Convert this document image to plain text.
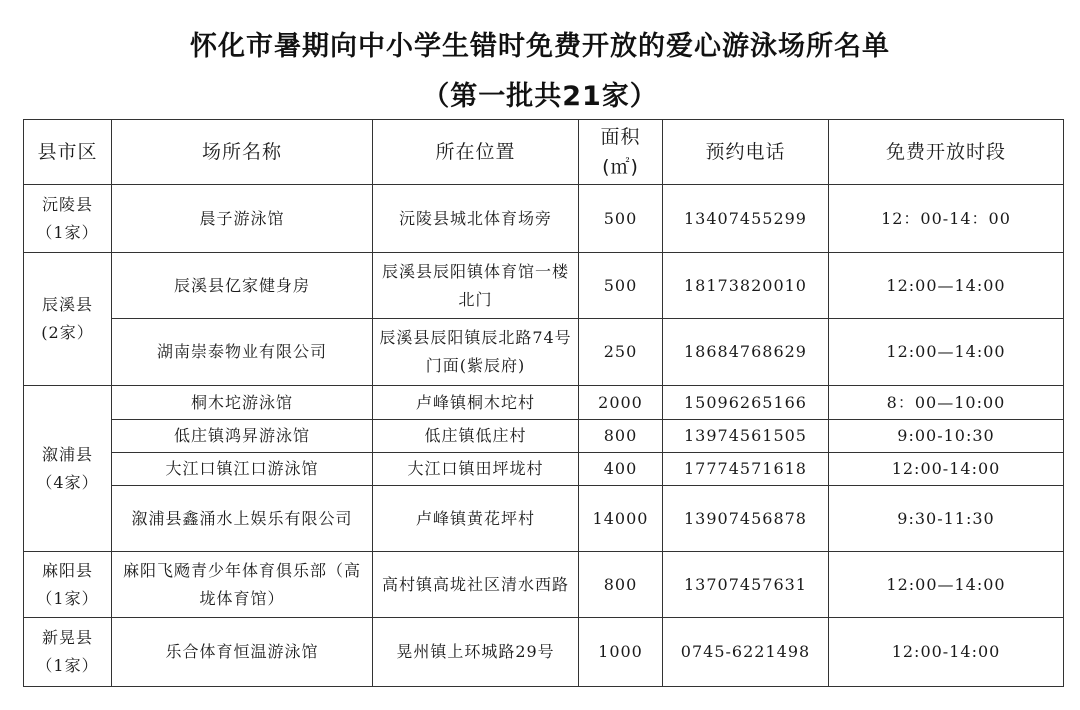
怀化市暑期向中小学生错时免费开放的爱心游泳场所名单
（第一批共21家）
县市区	场所名称	所在位置	面积
(㎡)	预约电话	免费开放时段

沅陵县
（1家）	晨子游泳馆	沅陵县城北体育场旁	500	13407455299	12：00-14：00

辰溪县
(2家）	辰溪县亿家健身房	辰溪县辰阳镇体育馆一楼北门	500	18173820010	12:00—14:00
	湖南崇泰物业有限公司	辰溪县辰阳镇辰北路74号门面(紫辰府)	250	18684768629	12:00—14:00

溆浦县
（4家）	桐木坨游泳馆	卢峰镇桐木坨村	2000	15096265166	8：00—10:00
	低庄镇鸿昇游泳馆	低庄镇低庄村	800	13974561505	9:00-10:30
	大江口镇江口游泳馆	大江口镇田坪垅村	400	17774571618	12:00-14:00
	溆浦县鑫涌水上娱乐有限公司	卢峰镇黄花坪村	14000	13907456878	9:30-11:30

麻阳县
（1家）	麻阳飞飏青少年体育俱乐部（高垅体育馆）	高村镇高垅社区清水西路	800	13707457631	12:00—14:00

新晃县
（1家）	乐合体育恒温游泳馆	晃州镇上环城路29号	1000	0745-6221498	12:00-14:00
